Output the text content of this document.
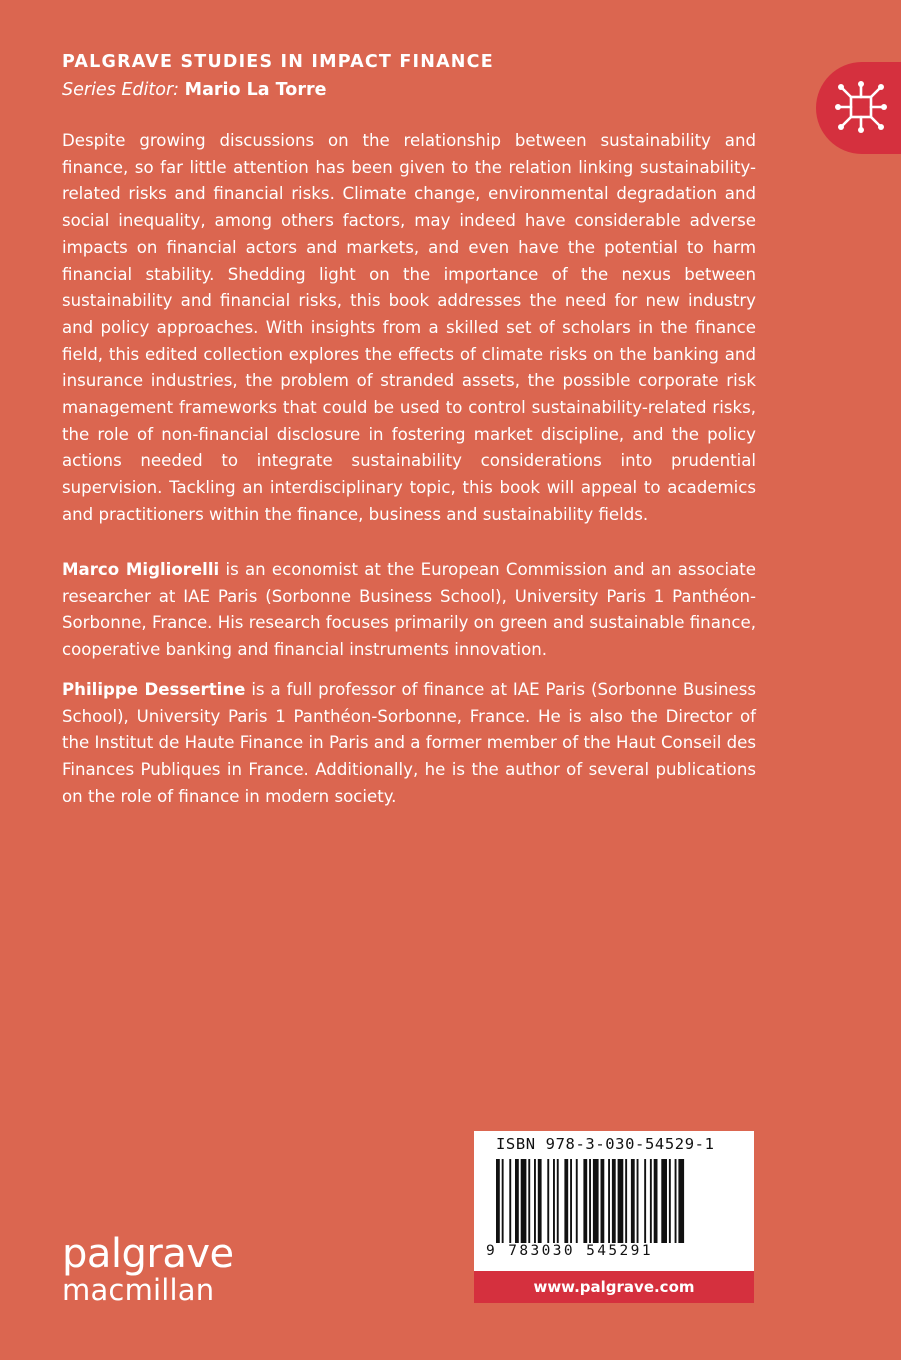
PALGRAVE STUDIES IN IMPACT FINANCE

Series Editor: Mario La Torre

Despite growing discussions on the relationship between sustainability and finance, so far little attention has been given to the relation linking sustainability-related risks and financial risks. Climate change, environmental degradation and social inequality, among others factors, may indeed have considerable adverse impacts on financial actors and markets, and even have the potential to harm financial stability. Shedding light on the importance of the nexus between sustainability and financial risks, this book addresses the need for new industry and policy approaches. With insights from a skilled set of scholars in the finance field, this edited collection explores the effects of climate risks on the banking and insurance industries, the problem of stranded assets, the possible corporate risk management frameworks that could be used to control sustainability-related risks, the role of non-financial disclosure in fostering market discipline, and the policy actions needed to integrate sustainability considerations into prudential supervision. Tackling an interdisciplinary topic, this book will appeal to academics and practitioners within the finance, business and sustainability fields.

Marco Migliorelli is an economist at the European Commission and an associate researcher at IAE Paris (Sorbonne Business School), University Paris 1 Panthéon-Sorbonne, France. His research focuses primarily on green and sustainable finance, cooperative banking and financial instruments innovation.

Philippe Dessertine is a full professor of finance at IAE Paris (Sorbonne Business School), University Paris 1 Panthéon-Sorbonne, France. He is also the Director of the Institut de Haute Finance in Paris and a former member of the Haut Conseil des Finances Publiques in France. Additionally, he is the author of several publications on the role of finance in modern society.

palgrave

macmillan

ISBN 978-3-030-54529-1
9 783030 545291
www.palgrave.com
